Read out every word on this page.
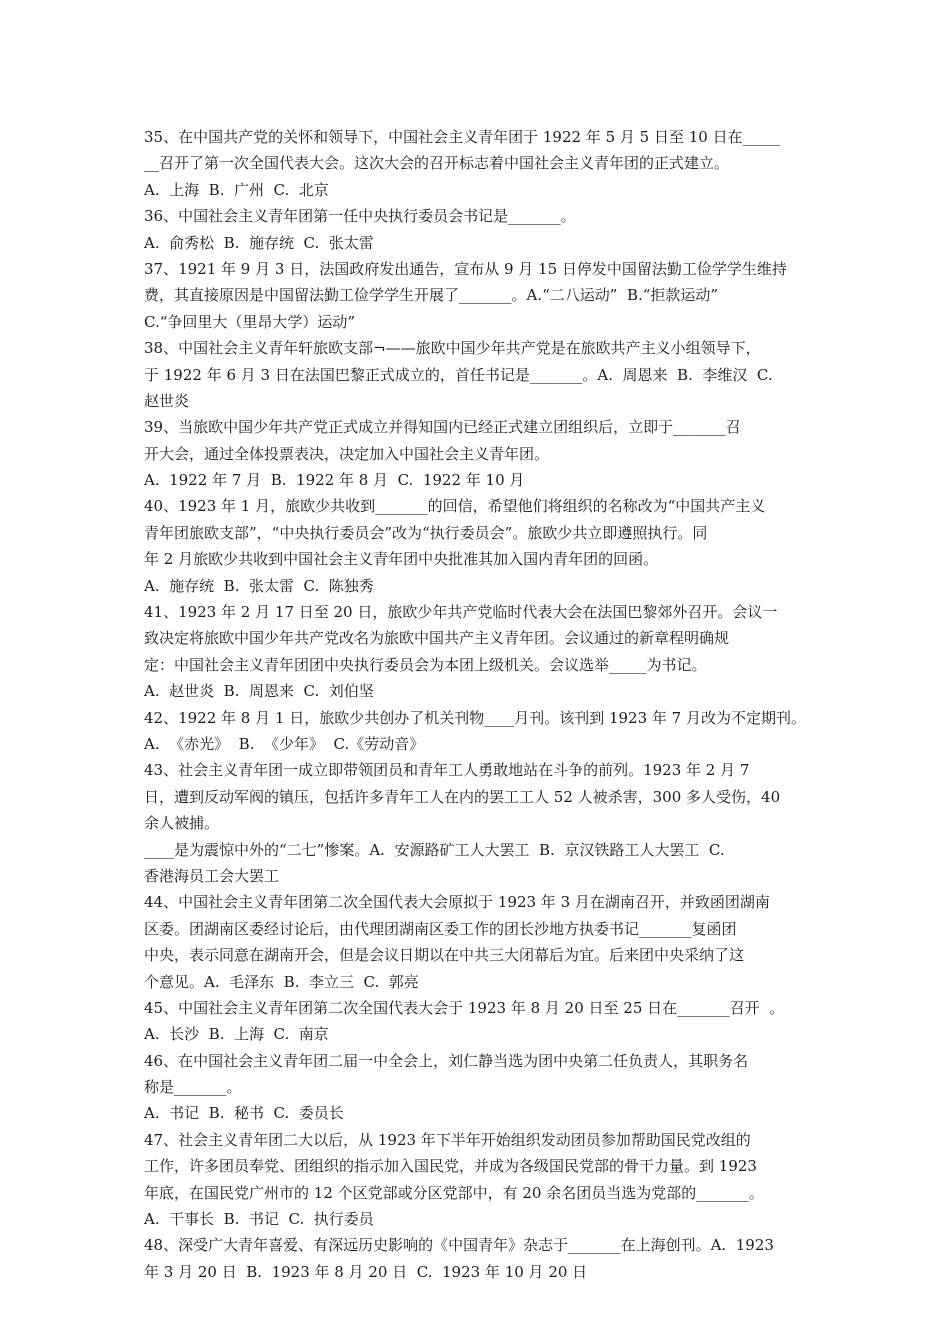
35、在中国共产党的关怀和领导下，中国社会主义青年团于 1922 年 5 月 5 日至 10 日在_____
__召开了第一次全国代表大会。这次大会的召开标志着中国社会主义青年团的正式建立。
A.  上海  B.  广州  C.  北京
36、中国社会主义青年团第一任中央执行委员会书记是_______。
A.  俞秀松  B.  施存统  C.  张太雷
37、1921 年 9 月 3 日，法国政府发出通告，宣布从 9 月 15 日停发中国留法勤工俭学学生维持
费，其直接原因是中国留法勤工俭学学生开展了_______。A.“二八运动”  B.“拒款运动”
C.“争回里大（里昂大学）运动”
38、中国社会主义青年轩旅欧支部¬——旅欧中国少年共产党是在旅欧共产主义小组领导下，
于 1922 年 6 月 3 日在法国巴黎正式成立的，首任书记是_______。A.  周恩来  B.  李维汉  C.
赵世炎
39、当旅欧中国少年共产党正式成立并得知国内已经正式建立团组织后，立即于_______召
开大会，通过全体投票表决，决定加入中国社会主义青年团。
A.  1922 年 7 月  B.  1922 年 8 月  C.  1922 年 10 月
40、1923 年 1 月，旅欧少共收到_______的回信，希望他们将组织的名称改为“中国共产主义
青年团旅欧支部”，“中央执行委员会”改为“执行委员会”。旅欧少共立即遵照执行。同
年 2 月旅欧少共收到中国社会主义青年团中央批准其加入国内青年团的回函。
A.  施存统  B.  张太雷  C.  陈独秀
41、1923 年 2 月 17 日至 20 日，旅欧少年共产党临时代表大会在法国巴黎郊外召开。会议一
致决定将旅欧中国少年共产党改名为旅欧中国共产主义青年团。会议通过的新章程明确规
定：中国社会主义青年团团中央执行委员会为本团上级机关。会议选举_____为书记。
A.  赵世炎  B.  周恩来  C.  刘伯坚
42、1922 年 8 月 1 日，旅欧少共创办了机关刊物____月刊。该刊到 1923 年 7 月改为不定期刊。
A.  《赤光》  B.  《少年》  C.《劳动音》
43、社会主义青年团一成立即带领团员和青年工人勇敢地站在斗争的前列。1923 年 2 月 7
日，遭到反动军阀的镇压，包括许多青年工人在内的罢工工人 52 人被杀害，300 多人受伤，40
余人被捕。
____是为震惊中外的“二七”惨案。A.  安源路矿工人大罢工  B.  京汉铁路工人大罢工  C.
香港海员工会大罢工
44、中国社会主义青年团第二次全国代表大会原拟于 1923 年 3 月在湖南召开，并致函团湖南
区委。团湖南区委经讨论后，由代理团湖南区委工作的团长沙地方执委书记_______复函团
中央，表示同意在湖南开会，但是会议日期以在中共三大闭幕后为宜。后来团中央采纳了这
个意见。A.  毛泽东  B.  李立三  C.  郭亮
45、中国社会主义青年团第二次全国代表大会于 1923 年 8 月 20 日至 25 日在_______召开  。
A.  长沙  B.  上海  C.  南京
46、在中国社会主义青年团二届一中全会上，刘仁静当选为团中央第二任负责人，其职务名
称是_______。
A.  书记  B.  秘书  C.  委员长
47、社会主义青年团二大以后，从 1923 年下半年开始组织发动团员参加帮助国民党改组的
工作，许多团员奉党、团组织的指示加入国民党，并成为各级国民党部的骨干力量。到 1923
年底，在国民党广州市的 12 个区党部或分区党部中，有 20 余名团员当选为党部的_______。
A.  干事长  B.  书记  C.  执行委员
48、深受广大青年喜爱、有深远历史影响的《中国青年》杂志于_______在上海创刊。A.  1923
年 3 月 20 日  B.  1923 年 8 月 20 日  C.  1923 年 10 月 20 日
